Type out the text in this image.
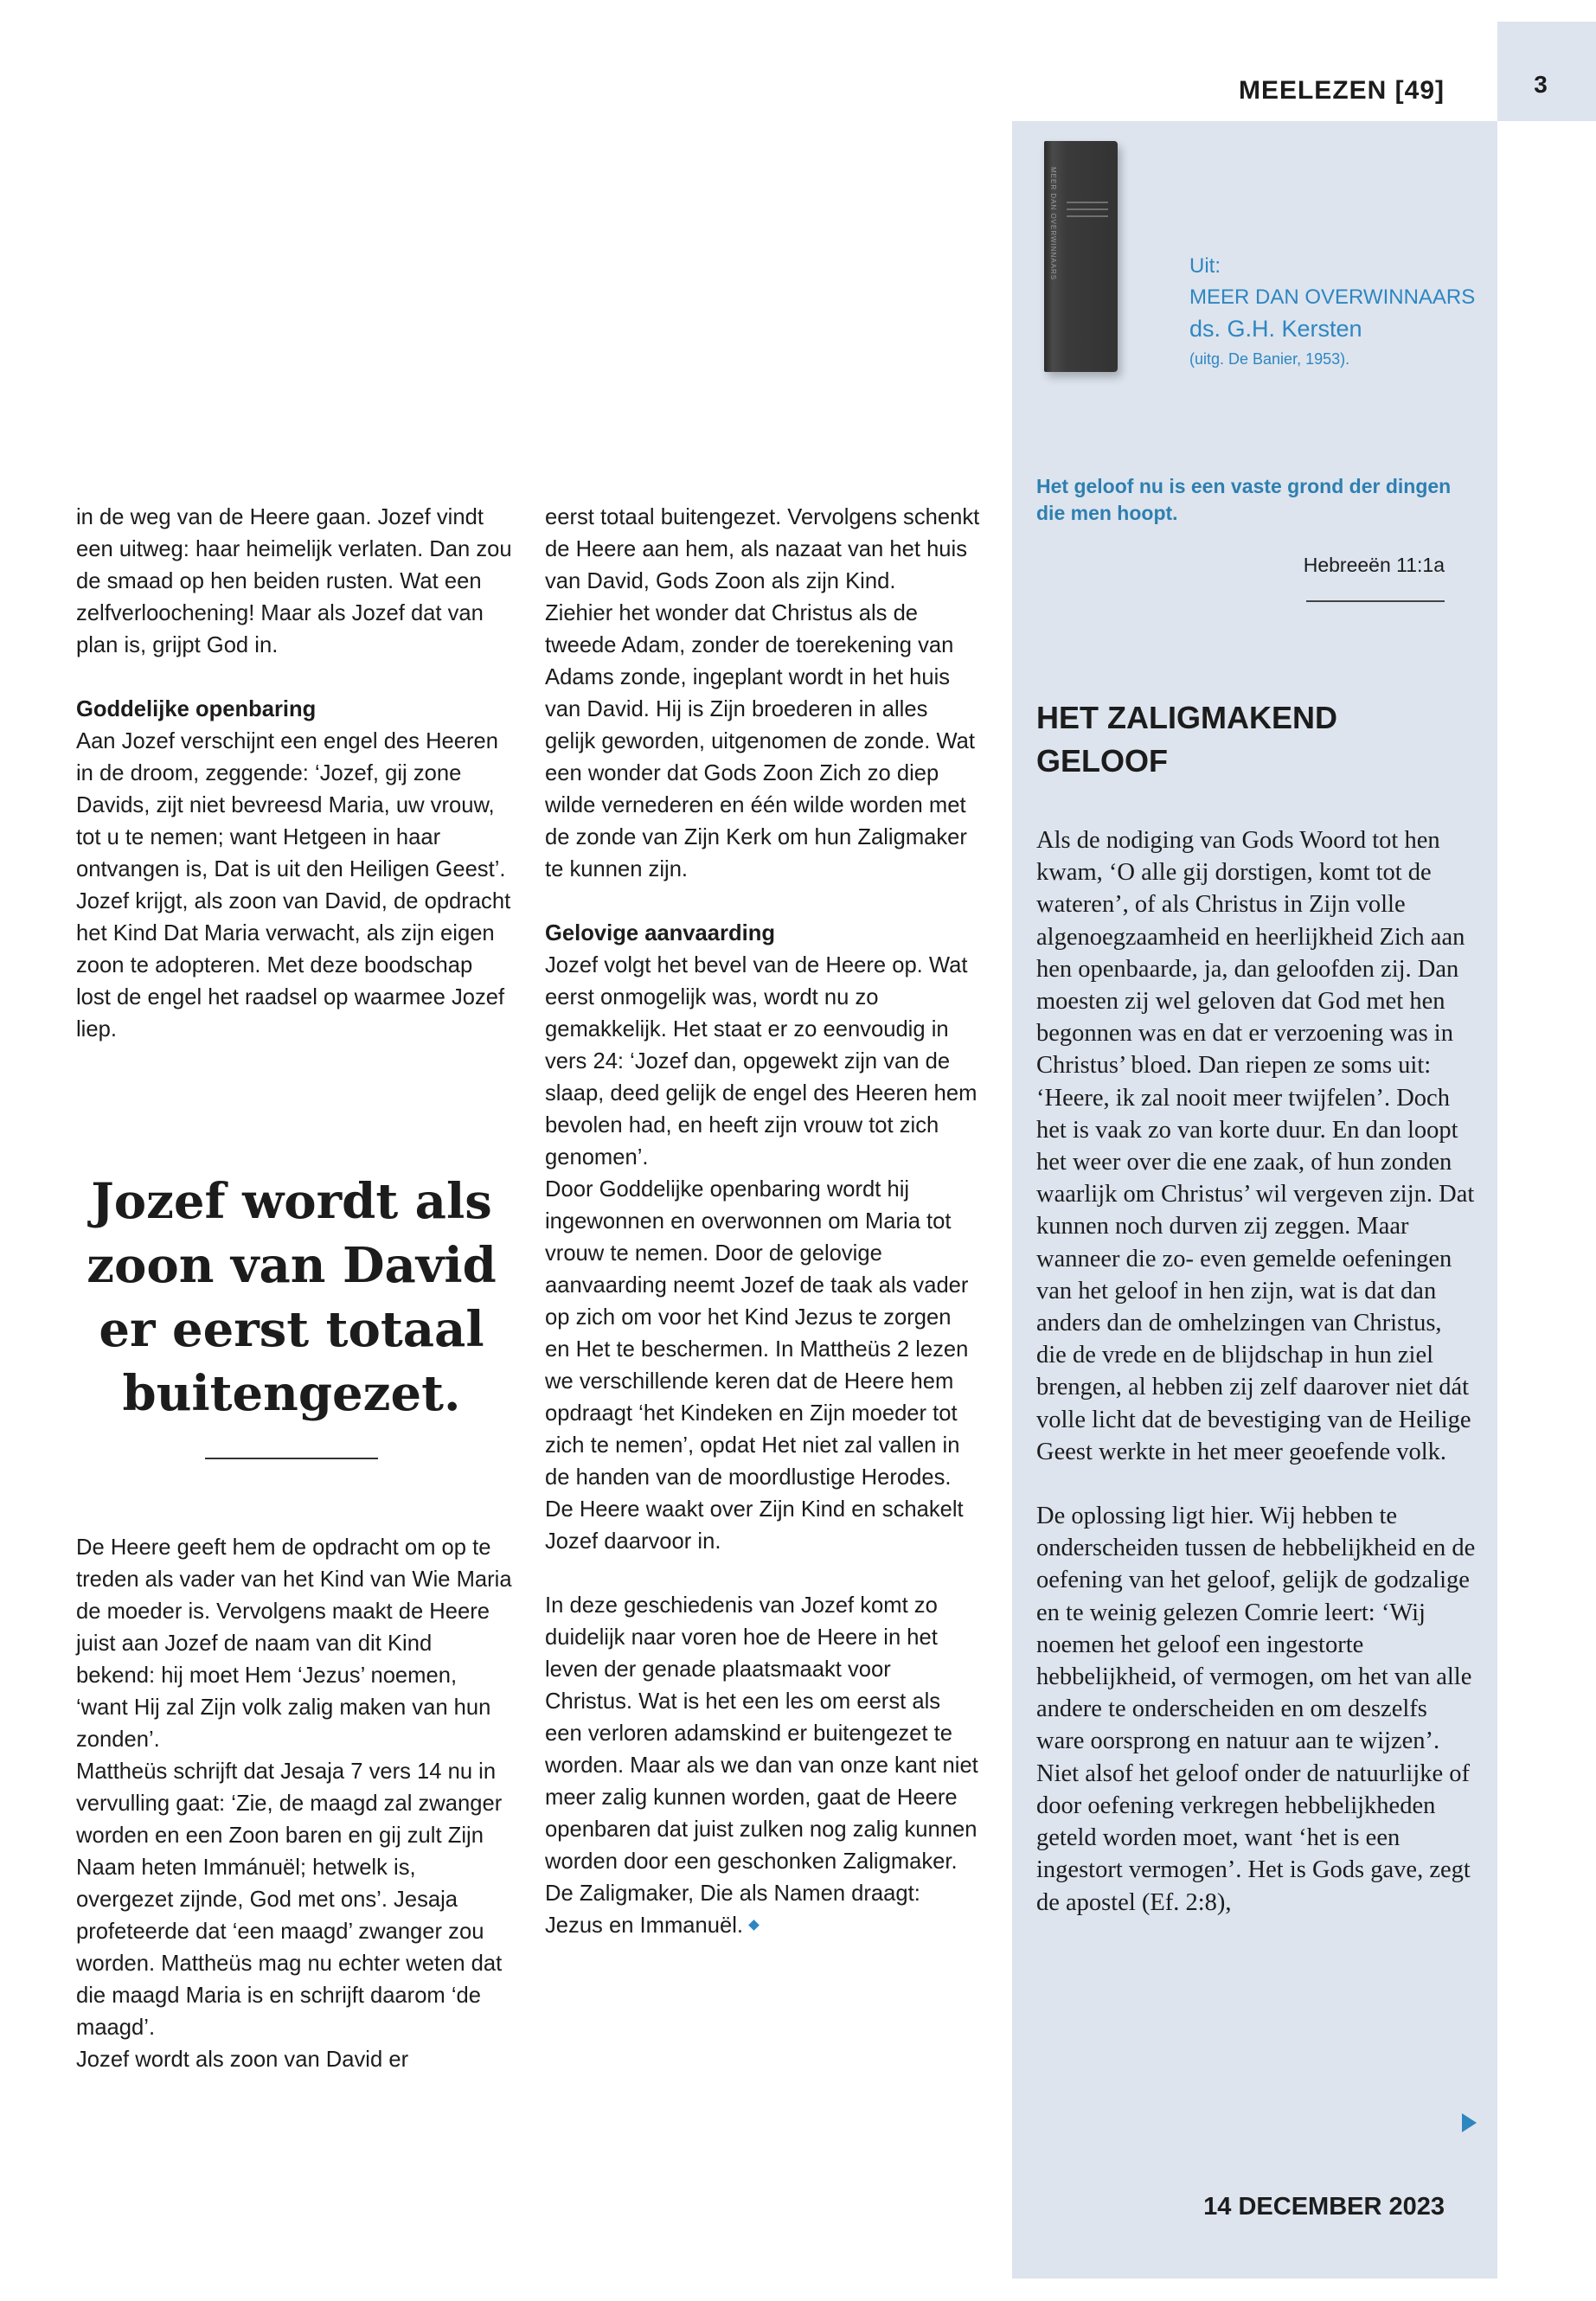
3
MEELEZEN [49]
MEER DAN OVERWINNAARS	Uit:
MEER DAN OVERWINNAARS
ds. G.H. Kersten
(uitg. De Banier, 1953).

in de weg van de Heere gaan. Jozef vindt een uitweg: haar heimelijk verlaten. Dan zou de smaad op hen beiden rusten. Wat een zelfverloochening! Maar als Jozef dat van plan is, grijpt God in.

Goddelijke openbaring

Aan Jozef verschijnt een engel des Heeren in de droom, zeggende: ‘Jozef, gij zone Davids, zijt niet bevreesd Maria, uw vrouw, tot u te nemen; want Hetgeen in haar ontvangen is, Dat is uit den Heiligen Geest’. Jozef krijgt, als zoon van David, de opdracht het Kind Dat Maria verwacht, als zijn eigen zoon te adopteren. Met deze boodschap lost de engel het raadsel op waarmee Jozef liep.

Jozef wordt als zoon van David er eerst totaal buitengezet.

De Heere geeft hem de opdracht om op te treden als vader van het Kind van Wie Maria de moeder is. Vervolgens maakt de Heere juist aan Jozef de naam van dit Kind bekend: hij moet Hem ‘Jezus’ noemen, ‘want Hij zal Zijn volk zalig maken van hun zonden’.

Mattheüs schrijft dat Jesaja 7 vers 14 nu in vervulling gaat: ‘Zie, de maagd zal zwanger worden en een Zoon baren en gij zult Zijn Naam heten Immánuël; hetwelk is, overgezet zijnde, God met ons’. Jesaja profeteerde dat ‘een maagd’ zwanger zou worden. Mattheüs mag nu echter weten dat die maagd Maria is en schrijft daarom ‘de maagd’.

Jozef wordt als zoon van David er

eerst totaal buitengezet. Vervolgens schenkt de Heere aan hem, als nazaat van het huis van David, Gods Zoon als zijn Kind.

Ziehier het wonder dat Christus als de tweede Adam, zonder de toerekening van Adams zonde, ingeplant wordt in het huis van David. Hij is Zijn broederen in alles gelijk geworden, uitgenomen de zonde. Wat een wonder dat Gods Zoon Zich zo diep wilde vernederen en één wilde worden met de zonde van Zijn Kerk om hun Zaligmaker te kunnen zijn.

Gelovige aanvaarding

Jozef volgt het bevel van de Heere op. Wat eerst onmogelijk was, wordt nu zo gemakkelijk. Het staat er zo eenvoudig in vers 24: ‘Jozef dan, opgewekt zijn van de slaap, deed gelijk de engel des Heeren hem bevolen had, en heeft zijn vrouw tot zich genomen’.

Door Goddelijke openbaring wordt hij ingewonnen en overwonnen om Maria tot vrouw te nemen. Door de gelovige aanvaarding neemt Jozef de taak als vader op zich om voor het Kind Jezus te zorgen en Het te beschermen. In Mattheüs 2 lezen we verschillende keren dat de Heere hem opdraagt ‘het Kindeken en Zijn moeder tot zich te nemen’, opdat Het niet zal vallen in de handen van de moordlustige Herodes. De Heere waakt over Zijn Kind en schakelt Jozef daarvoor in.

In deze geschiedenis van Jozef komt zo duidelijk naar voren hoe de Heere in het leven der genade plaatsmaakt voor Christus. Wat is het een les om eerst als een verloren adamskind er buitengezet te worden. Maar als we dan van onze kant niet meer zalig kunnen worden, gaat de Heere openbaren dat juist zulken nog zalig kunnen worden door een geschonken Zaligmaker. De Zaligmaker, Die als Namen draagt: Jezus en Immanuël.

Het geloof nu is een vaste grond der dingen die men hoopt.
Hebreeën 11:1a
HET ZALIGMAKEND GELOOF

Als de nodiging van Gods Woord tot hen kwam, ‘O alle gij dorstigen, komt tot de wateren’, of als Christus in Zijn volle algenoegzaamheid en heerlijkheid Zich aan hen openbaarde, ja, dan geloofden zij. Dan moesten zij wel geloven dat God met hen begonnen was en dat er verzoening was in Christus’ bloed. Dan riepen ze soms uit: ‘Heere, ik zal nooit meer twijfelen’. Doch het is vaak zo van korte duur. En dan loopt het weer over die ene zaak, of hun zonden waarlijk om Christus’ wil vergeven zijn. Dat kunnen noch durven zij zeggen. Maar wanneer die zo- even gemelde oefeningen van het geloof in hen zijn, wat is dat dan anders dan de omhelzingen van Christus, die de vrede en de blijdschap in hun ziel brengen, al hebben zij zelf daarover niet dát volle licht dat de bevestiging van de Heilige Geest werkte in het meer geoefende volk.

De oplossing ligt hier. Wij hebben te onderscheiden tussen de hebbelijkheid en de oefening van het geloof, gelijk de godzalige en te weinig gelezen Comrie leert: ‘Wij noemen het geloof een ingestorte hebbelijkheid, of vermogen, om het van alle andere te onderscheiden en om deszelfs ware oorsprong en natuur aan te wijzen’. Niet alsof het geloof onder de natuurlijke of door oefening verkregen hebbelijkheden geteld worden moet, want ‘het is een ingestort vermogen’. Het is Gods gave, zegt de apostel (Ef. 2:8),

14 DECEMBER 2023
